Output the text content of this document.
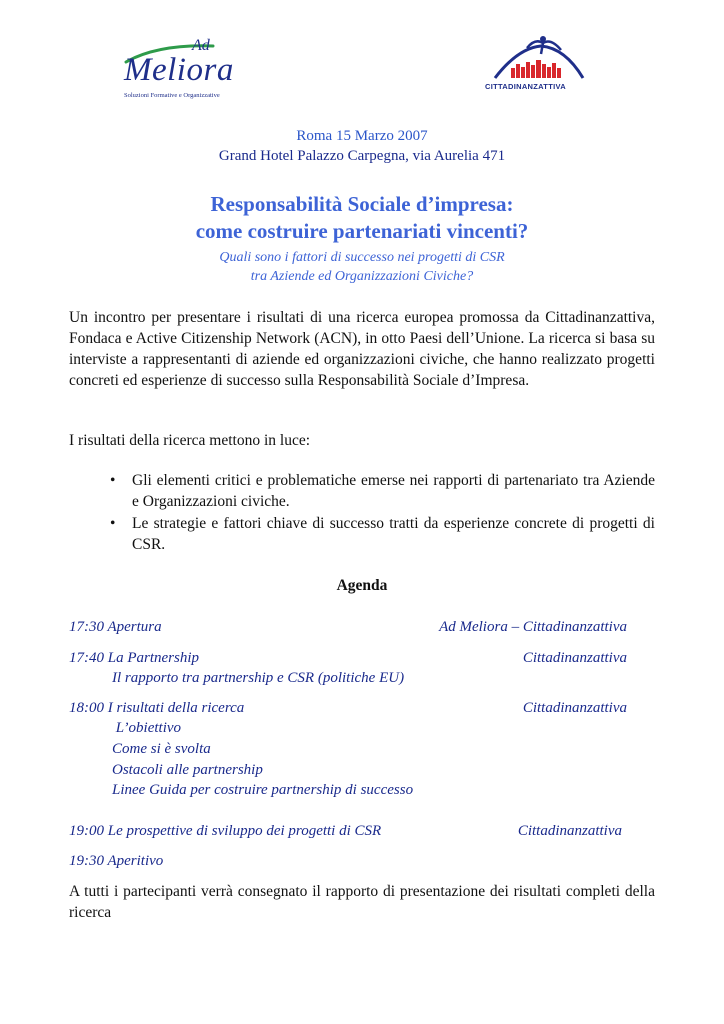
Ad
Meliora
Soluzioni Formative e Organizzative
CITTADINANZATTIVA
Roma 15 Marzo 2007
Grand Hotel Palazzo Carpegna, via Aurelia 471
Responsabilità Sociale d’impresa:
come costruire partenariati vincenti?
Quali sono i fattori di successo nei progetti di CSR
tra Aziende ed Organizzazioni Civiche?
Un incontro per presentare i risultati di una ricerca europea promossa da Cittadinanzattiva, Fondaca e Active Citizenship Network (ACN), in otto Paesi dell’Unione. La ricerca si basa su interviste a rappresentanti di aziende ed organizzazioni civiche, che hanno realizzato progetti concreti ed esperienze di successo sulla Responsabilità Sociale d’Impresa.
I risultati della ricerca mettono in luce:
• Gli elementi critici e problematiche emerse nei rapporti di partenariato tra Aziende e Organizzazioni civiche.
• Le strategie e fattori chiave di successo tratti da esperienze concrete di progetti di CSR.
Agenda
17:30 Apertura	Ad Meliora – Cittadinanzattiva
17:40 La Partnership	Cittadinanzattiva
Il rapporto tra partnership e CSR (politiche EU)
18:00 I risultati della ricerca	Cittadinanzattiva
L’obiettivo
Come si è svolta
Ostacoli alle partnership
Linee Guida per costruire partnership di successo
19:00 Le prospettive di sviluppo dei progetti di CSR	Cittadinanzattiva
19:30 Aperitivo
A tutti i partecipanti verrà consegnato il rapporto di presentazione dei risultati completi della ricerca
